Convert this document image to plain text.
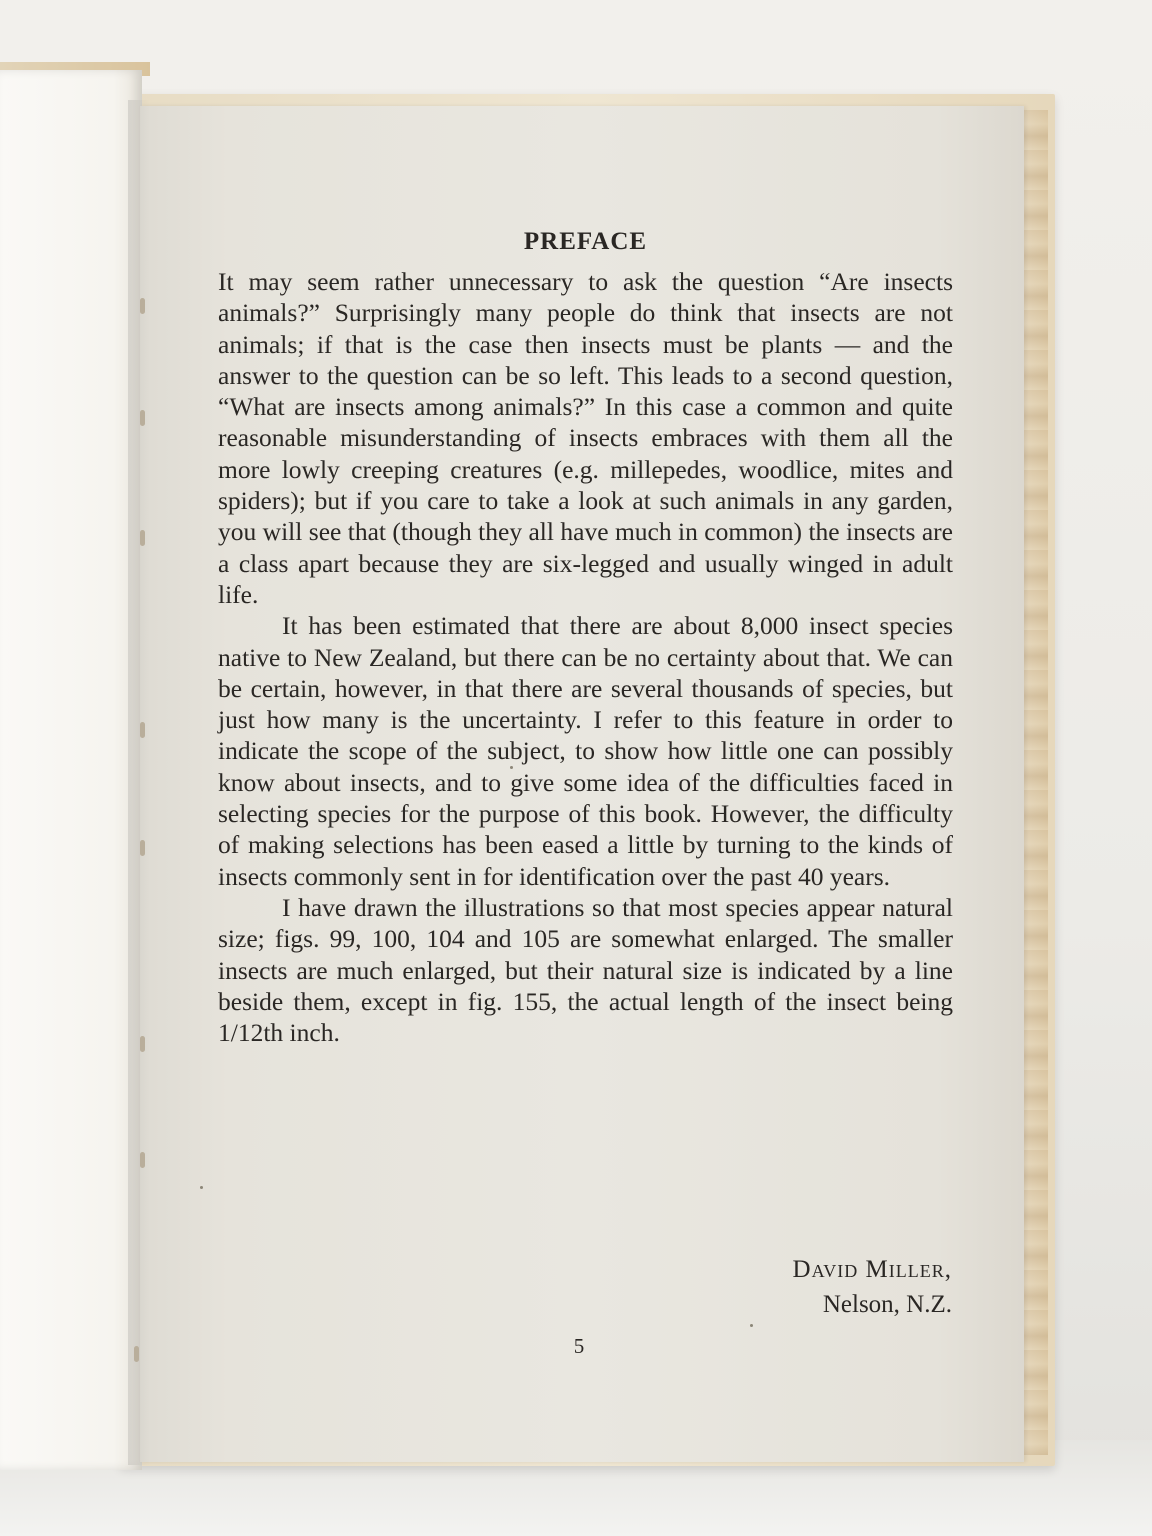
PREFACE

It may seem rather unnecessary to ask the question “Are insects animals?” Surprisingly many people do think that insects are not animals; if that is the case then insects must be plants — and the answer to the question can be so left. This leads to a second question, “What are insects among animals?” In this case a common and quite reasonable misunderstanding of insects embraces with them all the more lowly creeping creatures (e.g. millepedes, woodlice, mites and spiders); but if you care to take a look at such animals in any garden, you will see that (though they all have much in common) the insects are a class apart because they are six-legged and usually winged in adult life.

It has been estimated that there are about 8,000 insect species native to New Zealand, but there can be no certainty about that. We can be certain, however, in that there are several thousands of species, but just how many is the uncertainty. I refer to this feature in order to indicate the scope of the subject, to show how little one can possibly know about insects, and to give some idea of the difficulties faced in selecting species for the purpose of this book. However, the difficulty of making selections has been eased a little by turning to the kinds of insects commonly sent in for identification over the past 40 years.

I have drawn the illustrations so that most species appear natural size; figs. 99, 100, 104 and 105 are somewhat enlarged. The smaller insects are much enlarged, but their natural size is indicated by a line beside them, except in fig. 155, the actual length of the insect being 1/12th inch.

David Miller,
Nelson, N.Z.
5
